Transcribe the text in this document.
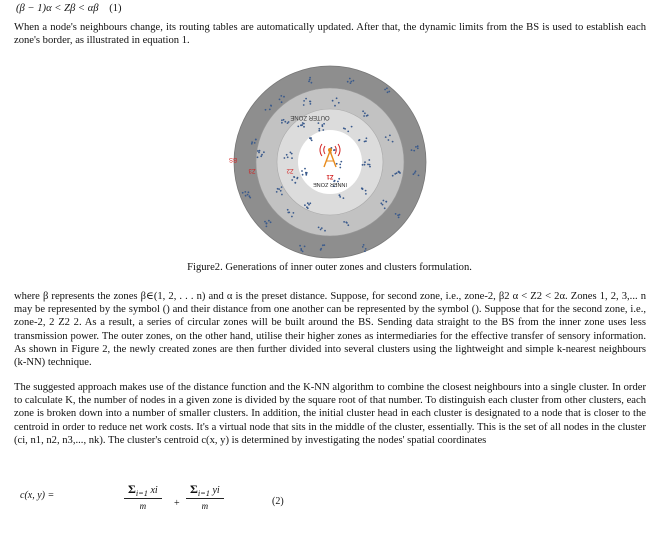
(β − 1)α < Zβ < αβ (1)

When a node's neighbours change, its routing tables are automatically updated. After that, the dynamic limits from the BS is used to establish each zone's border, as illustrated in equation 1.

OUTER ZONE
INNER ZONE
Z1
Z2
Z3
BS
Figure2. Generations of inner outer zones and clusters formulation.

where β represents the zones β∈(1, 2, . . . n) and α is the preset distance. Suppose, for second zone, i.e., zone-2, β2 α < Z2 < 2α. Zones 1, 2, 3,... n may be represented by the symbol () and their distance from one another can be represented by the symbol (). Suppose that for the second zone, i.e., zone-2, 2 Z2 2. As a result, a series of circular zones will be built around the BS. Sending data straight to the BS from the inner zone uses less transmission power. The outer zones, on the other hand, utilise their higher zones as intermediaries for the effective transfer of sensory information. As shown in Figure 2, the newly created zones are then further divided into several clusters using the lightweight and simple k-nearest neighbours (k-NN) technique.

The suggested approach makes use of the distance function and the K-NN algorithm to combine the closest neighbours into a single cluster. In order to calculate K, the number of nodes in a given zone is divided by the square root of that number. To distinguish each cluster from other clusters, each zone is broken down into a number of smaller clusters. In addition, the initial cluster head in each cluster is designated to a node that is closer to the centroid in order to reduce net work costs. It's a virtual node that sits in the middle of the cluster, essentially. This is the set of all nodes in the cluster (ci, n1, n2, n3,..., nk). The cluster's centroid c(x, y) is determined by investigating the nodes' spatial coordinates

c(x, y) =	$\frac{\Sigma_{i=1} xi}{m} + \frac{\Sigma_{i=1} yi}{m}$	(2)
